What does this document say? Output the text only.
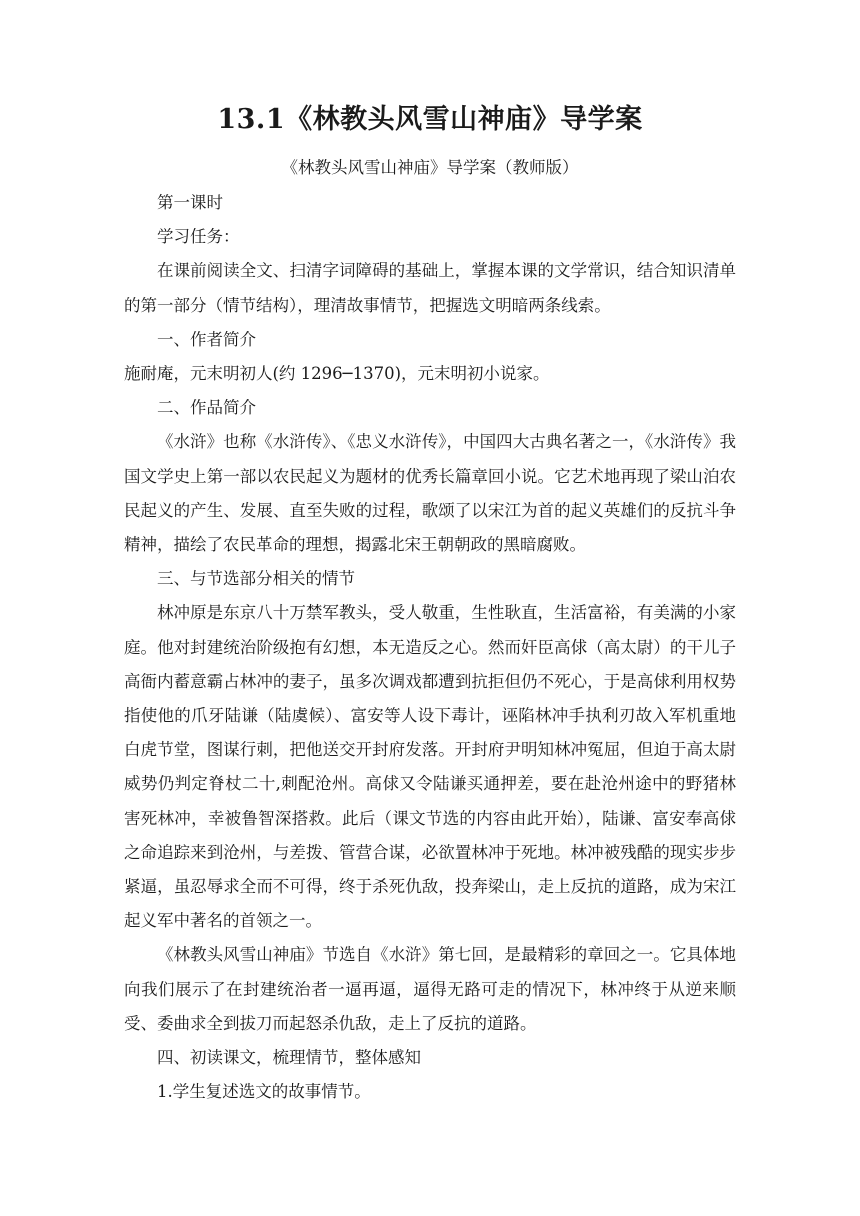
13.1《林教头风雪山神庙》导学案
《林教头风雪山神庙》导学案（教师版）

第一课时

学习任务：

在课前阅读全文、扫清字词障碍的基础上，掌握本课的文学常识，结合知识清单的第一部分（情节结构），理清故事情节，把握选文明暗两条线索。

一、作者简介

施耐庵，元末明初人(约 1296─1370)，元末明初小说家。

二、作品简介

《水浒》也称《水浒传》、《忠义水浒传》，中国四大古典名著之一，《水浒传》我国文学史上第一部以农民起义为题材的优秀长篇章回小说。它艺术地再现了梁山泊农民起义的产生、发展、直至失败的过程，歌颂了以宋江为首的起义英雄们的反抗斗争精神，描绘了农民革命的理想，揭露北宋王朝朝政的黑暗腐败。

三、与节选部分相关的情节

林冲原是东京八十万禁军教头，受人敬重，生性耿直，生活富裕，有美满的小家庭。他对封建统治阶级抱有幻想，本无造反之心。然而奸臣高俅（高太尉）的干儿子高衙内蓄意霸占林冲的妻子，虽多次调戏都遭到抗拒但仍不死心，于是高俅利用权势指使他的爪牙陆谦（陆虞候）、富安等人设下毒计，诬陷林冲手执利刃故入军机重地白虎节堂，图谋行刺，把他送交开封府发落。开封府尹明知林冲冤屈，但迫于高太尉威势仍判定脊杖二十,刺配沧州。高俅又令陆谦买通押差，要在赴沧州途中的野猪林害死林冲，幸被鲁智深搭救。此后（课文节选的内容由此开始），陆谦、富安奉高俅之命追踪来到沧州，与差拨、管营合谋，必欲置林冲于死地。林冲被残酷的现实步步紧逼，虽忍辱求全而不可得，终于杀死仇敌，投奔梁山，走上反抗的道路，成为宋江起义军中著名的首领之一。

《林教头风雪山神庙》节选自《水浒》第七回，是最精彩的章回之一。它具体地向我们展示了在封建统治者一逼再逼，逼得无路可走的情况下，林冲终于从逆来顺受、委曲求全到拔刀而起怒杀仇敌，走上了反抗的道路。

四、初读课文，梳理情节，整体感知

1.学生复述选文的故事情节。
